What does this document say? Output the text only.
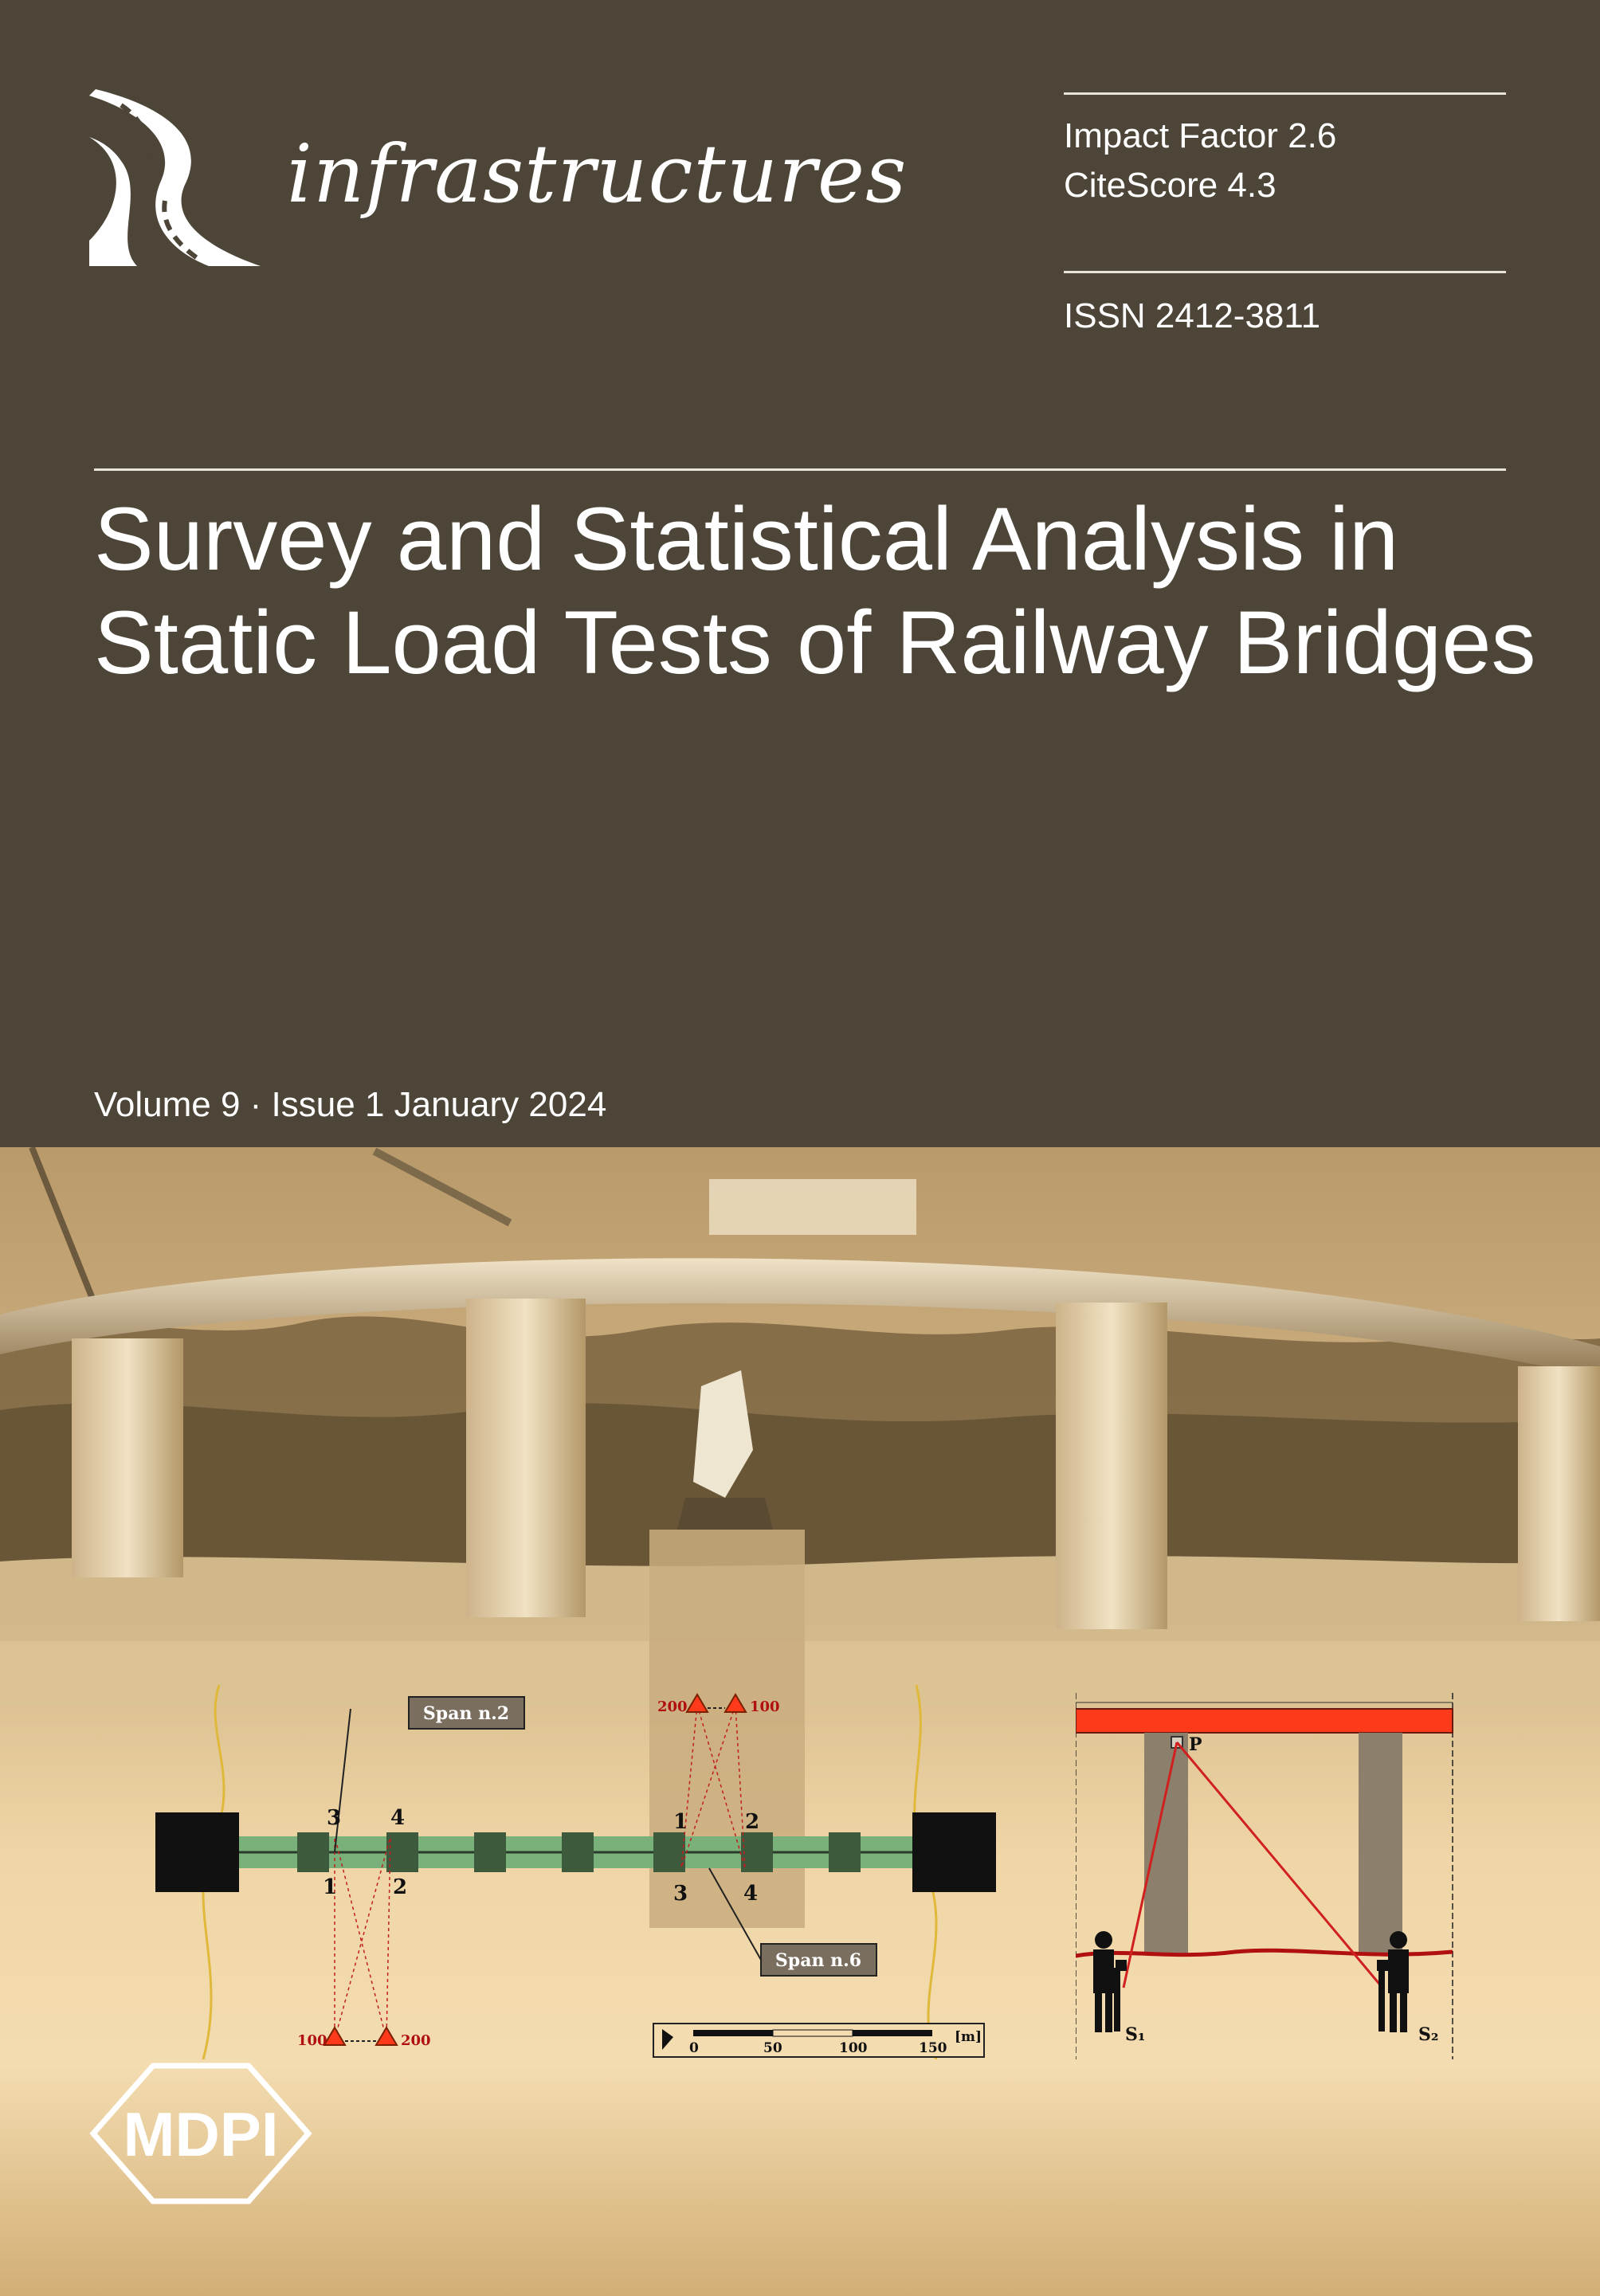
infrastructures	Impact Factor 2.6
CiteScore 4.3
ISSN 2412-3811
Survey and Statistical Analysis in Static Load Tests of Railway Bridges
Volume 9 · Issue 1 January 2024
Span n.2
Span n.6
3 4
1	2
1	2
3	4
100	200
200	100
0	50	100	150
[m]
P
S₁	S₂
MDPI
